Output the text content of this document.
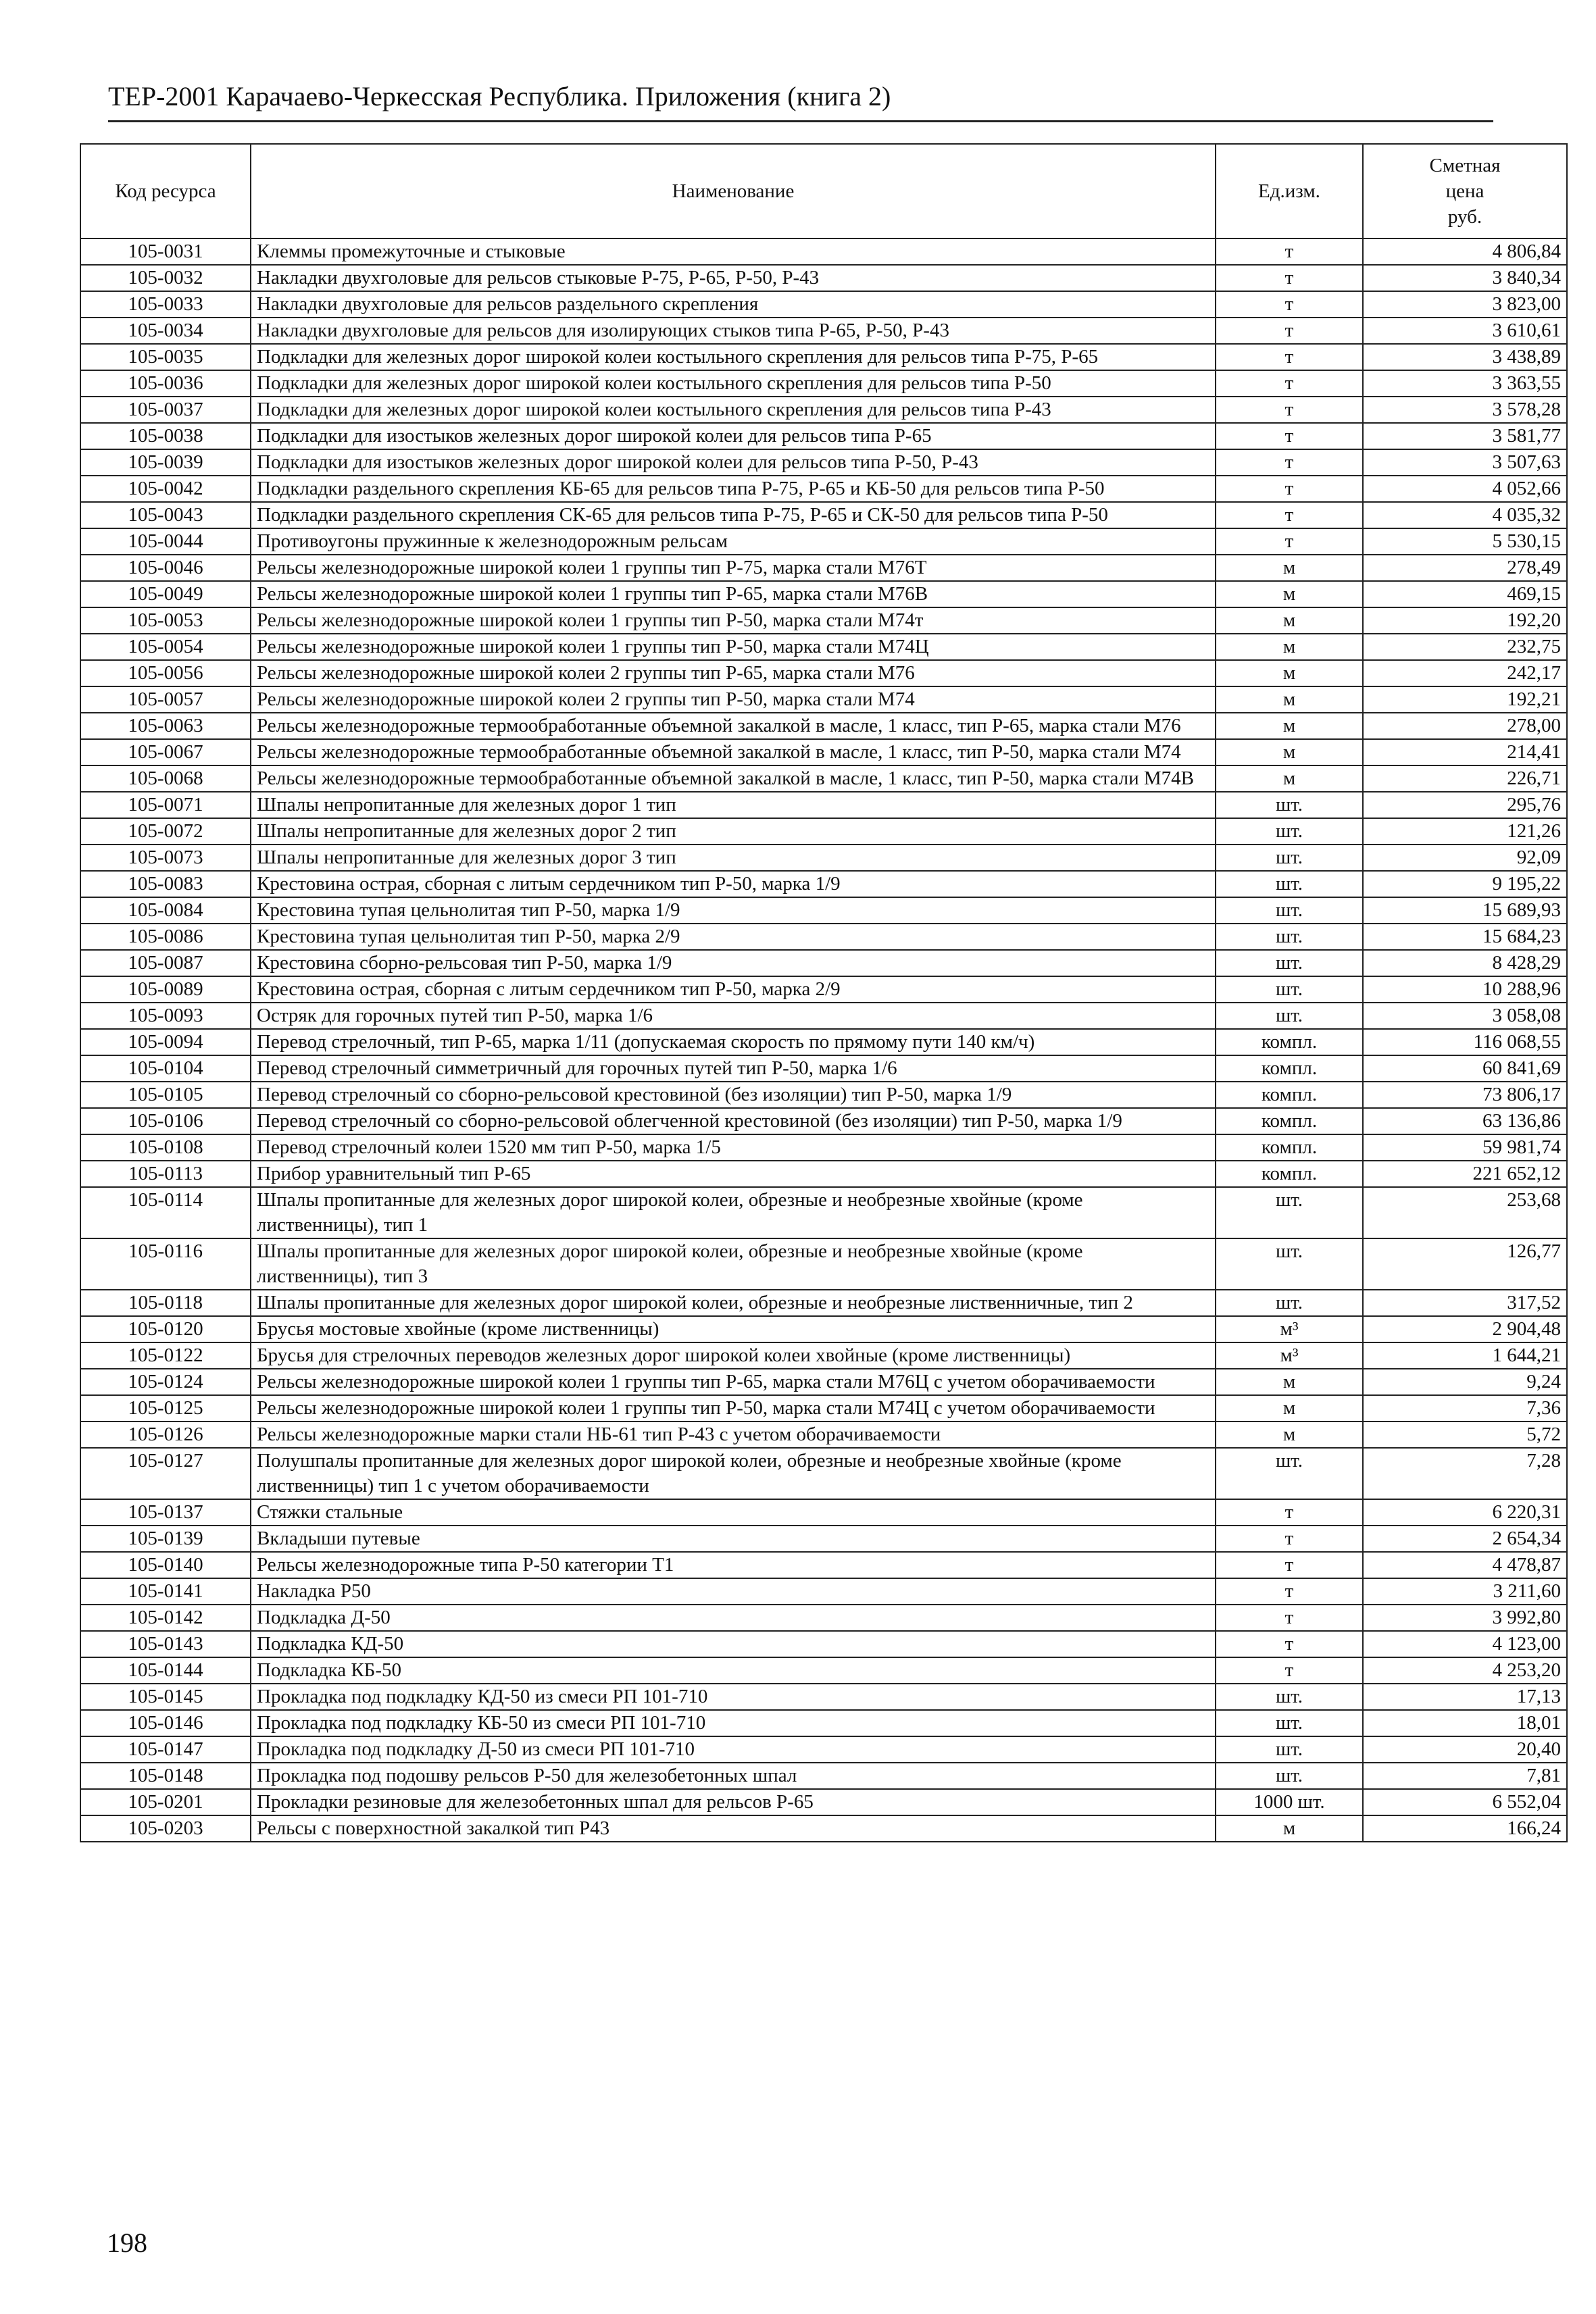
ТЕР-2001 Карачаево-Черкесская Республика. Приложения (книга 2)
Код ресурса	Наименование	Ед.изм.	Сметная
цена
руб.

105-0031	Клеммы промежуточные и стыковые	т	4 806,84
105-0032	Накладки двухголовые для рельсов стыковые Р-75, Р-65, Р-50, Р-43	т	3 840,34
105-0033	Накладки двухголовые для рельсов раздельного скрепления	т	3 823,00
105-0034	Накладки двухголовые для рельсов для изолирующих стыков типа Р-65, Р-50, Р-43	т	3 610,61
105-0035	Подкладки для железных дорог широкой колеи костыльного скрепления для рельсов типа Р-75, Р-65	т	3 438,89
105-0036	Подкладки для железных дорог широкой колеи костыльного скрепления для рельсов типа Р-50	т	3 363,55
105-0037	Подкладки для железных дорог широкой колеи костыльного скрепления для рельсов типа Р-43	т	3 578,28
105-0038	Подкладки для изостыков железных дорог широкой колеи для рельсов типа Р-65	т	3 581,77
105-0039	Подкладки для изостыков железных дорог широкой колеи для рельсов типа Р-50, Р-43	т	3 507,63
105-0042	Подкладки раздельного скрепления КБ-65 для рельсов типа Р-75, Р-65 и КБ-50 для рельсов типа Р-50	т	4 052,66
105-0043	Подкладки раздельного скрепления СК-65 для рельсов типа Р-75, Р-65 и СК-50 для рельсов типа Р-50	т	4 035,32
105-0044	Противоугоны пружинные к железнодорожным рельсам	т	5 530,15
105-0046	Рельсы железнодорожные широкой колеи 1 группы тип Р-75, марка стали М76Т	м	278,49
105-0049	Рельсы железнодорожные широкой колеи 1 группы тип Р-65, марка стали М76В	м	469,15
105-0053	Рельсы железнодорожные широкой колеи 1 группы тип Р-50, марка стали М74т	м	192,20
105-0054	Рельсы железнодорожные широкой колеи 1 группы тип Р-50, марка стали М74Ц	м	232,75
105-0056	Рельсы железнодорожные широкой колеи 2 группы тип Р-65, марка стали М76	м	242,17
105-0057	Рельсы железнодорожные широкой колеи 2 группы тип Р-50, марка стали М74	м	192,21
105-0063	Рельсы железнодорожные термообработанные объемной закалкой в масле, 1 класс, тип Р-65, марка стали М76	м	278,00
105-0067	Рельсы железнодорожные термообработанные объемной закалкой в масле, 1 класс, тип Р-50, марка стали М74	м	214,41
105-0068	Рельсы железнодорожные термообработанные объемной закалкой в масле, 1 класс, тип Р-50, марка стали М74В	м	226,71
105-0071	Шпалы непропитанные для железных дорог 1 тип	шт.	295,76
105-0072	Шпалы непропитанные для железных дорог 2 тип	шт.	121,26
105-0073	Шпалы непропитанные для железных дорог 3 тип	шт.	92,09
105-0083	Крестовина острая, сборная с литым сердечником тип Р-50, марка 1/9	шт.	9 195,22
105-0084	Крестовина тупая цельнолитая тип Р-50, марка 1/9	шт.	15 689,93
105-0086	Крестовина тупая цельнолитая тип Р-50, марка 2/9	шт.	15 684,23
105-0087	Крестовина сборно-рельсовая тип Р-50, марка 1/9	шт.	8 428,29
105-0089	Крестовина острая, сборная с литым сердечником тип Р-50, марка 2/9	шт.	10 288,96
105-0093	Остряк для горочных путей тип Р-50, марка 1/6	шт.	3 058,08
105-0094	Перевод стрелочный, тип Р-65, марка 1/11 (допускаемая скорость по прямому пути 140 км/ч)	компл.	116 068,55
105-0104	Перевод стрелочный симметричный для горочных путей тип Р-50, марка 1/6	компл.	60 841,69
105-0105	Перевод стрелочный со сборно-рельсовой крестовиной (без изоляции) тип Р-50, марка 1/9	компл.	73 806,17
105-0106	Перевод стрелочный со сборно-рельсовой облегченной крестовиной (без изоляции) тип Р-50, марка 1/9	компл.	63 136,86
105-0108	Перевод стрелочный колеи 1520 мм тип Р-50, марка 1/5	компл.	59 981,74
105-0113	Прибор уравнительный тип Р-65	компл.	221 652,12
105-0114	Шпалы пропитанные для железных дорог широкой колеи, обрезные и необрезные хвойные (кроме лиственницы), тип 1	шт.	253,68
105-0116	Шпалы пропитанные для железных дорог широкой колеи, обрезные и необрезные хвойные (кроме лиственницы), тип 3	шт.	126,77
105-0118	Шпалы пропитанные для железных дорог широкой колеи, обрезные и необрезные лиственничные, тип 2	шт.	317,52
105-0120	Брусья мостовые хвойные (кроме лиственницы)	м³	2 904,48
105-0122	Брусья для стрелочных переводов железных дорог широкой колеи хвойные (кроме лиственницы)	м³	1 644,21
105-0124	Рельсы железнодорожные широкой колеи 1 группы тип Р-65, марка стали М76Ц с учетом оборачиваемости	м	9,24
105-0125	Рельсы железнодорожные широкой колеи 1 группы тип Р-50, марка стали М74Ц с учетом оборачиваемости	м	7,36
105-0126	Рельсы железнодорожные марки стали НБ-61 тип Р-43 с учетом оборачиваемости	м	5,72
105-0127	Полушпалы пропитанные для железных дорог широкой колеи, обрезные и необрезные хвойные (кроме лиственницы) тип 1 с учетом оборачиваемости	шт.	7,28
105-0137	Стяжки стальные	т	6 220,31
105-0139	Вкладыши путевые	т	2 654,34
105-0140	Рельсы железнодорожные типа Р-50 категории Т1	т	4 478,87
105-0141	Накладка Р50	т	3 211,60
105-0142	Подкладка Д-50	т	3 992,80
105-0143	Подкладка КД-50	т	4 123,00
105-0144	Подкладка КБ-50	т	4 253,20
105-0145	Прокладка под подкладку КД-50 из смеси РП 101-710	шт.	17,13
105-0146	Прокладка под подкладку КБ-50 из смеси РП 101-710	шт.	18,01
105-0147	Прокладка под подкладку Д-50 из смеси РП 101-710	шт.	20,40
105-0148	Прокладка под подошву рельсов Р-50 для железобетонных шпал	шт.	7,81
105-0201	Прокладки резиновые для железобетонных шпал для рельсов Р-65	1000 шт.	6 552,04
105-0203	Рельсы с поверхностной закалкой тип Р43	м	166,24
198
